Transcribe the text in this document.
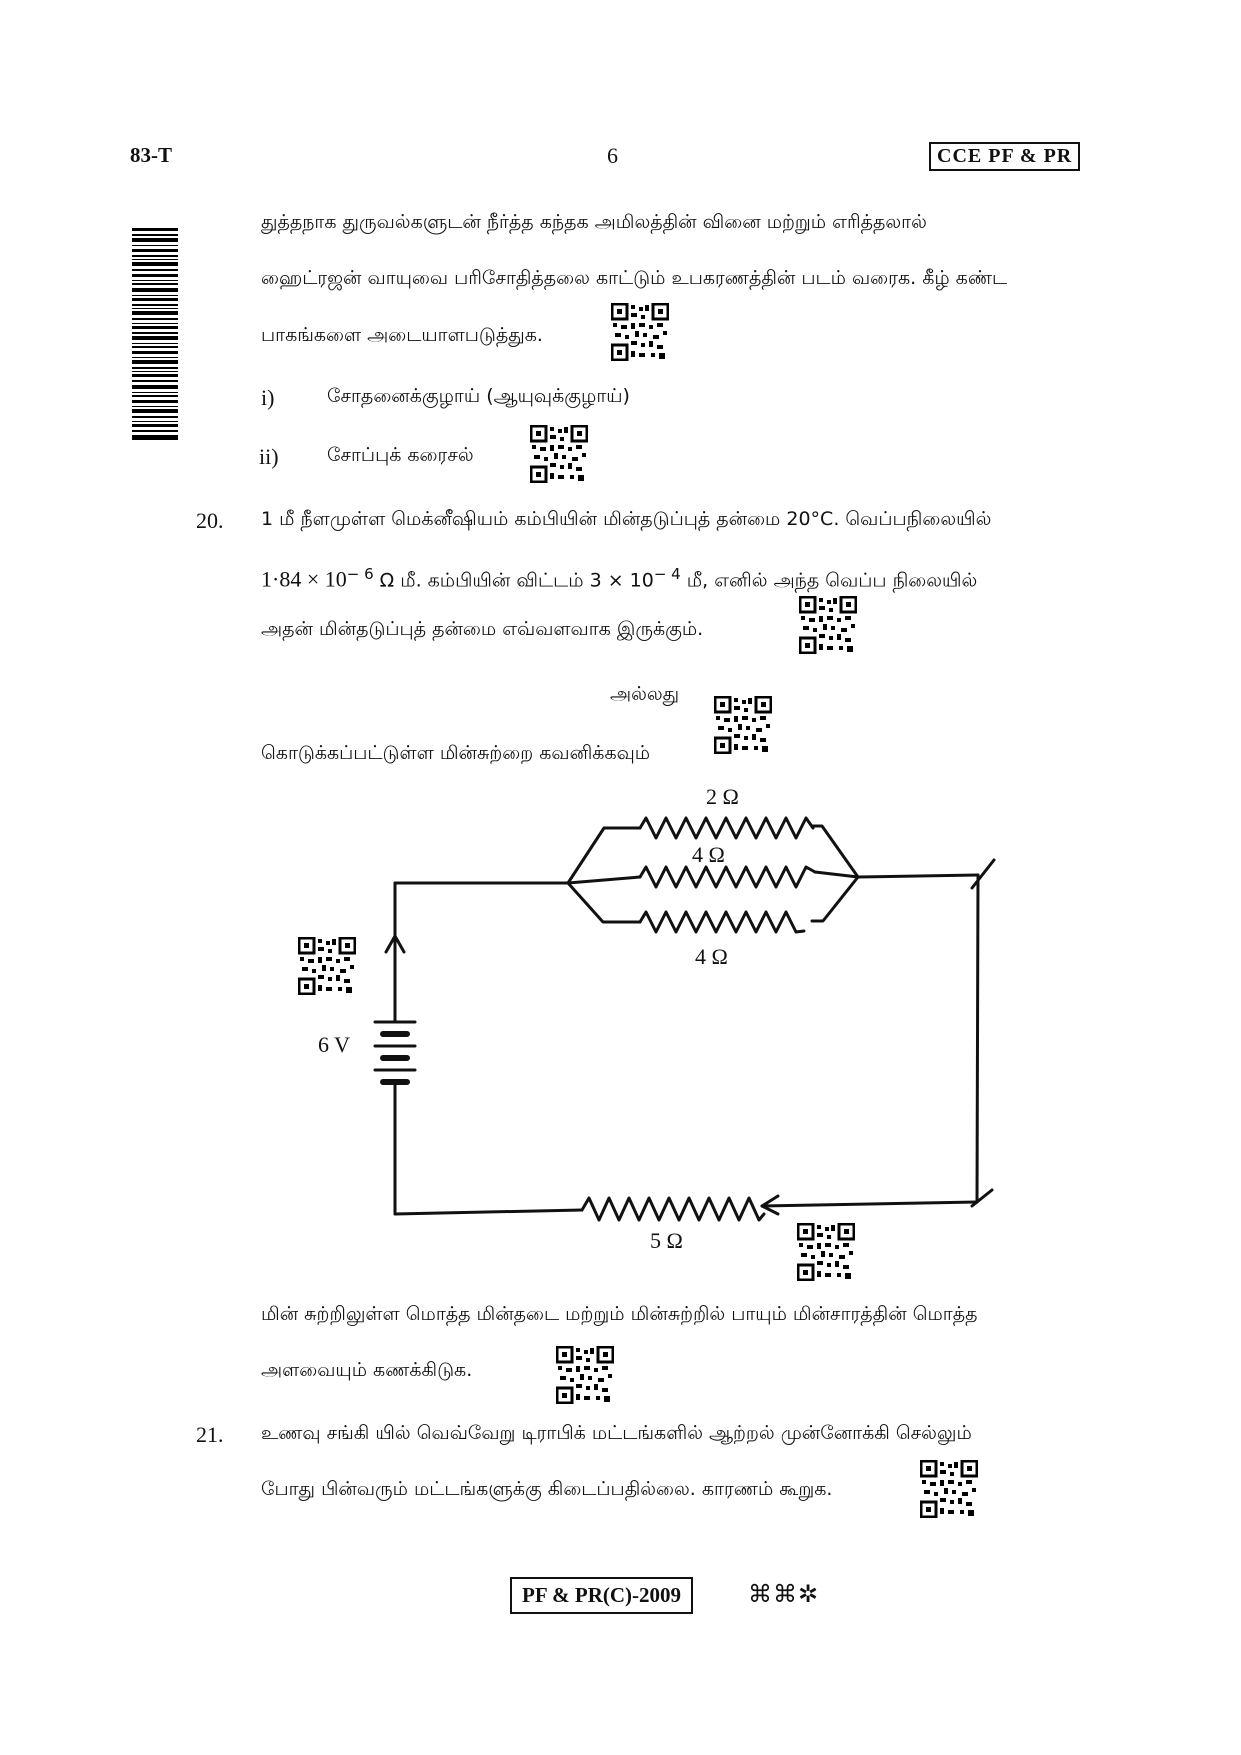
83-T	6	CCE PF & PR
துத்தநாக துருவல்களுடன் நீர்த்த கந்தக அமிலத்தின் வினை மற்றும் எரித்தலால்
ஹைட்ரஜன் வாயுவை பரிசோதித்தலை காட்டும் உபகரணத்தின் படம் வரைக. கீழ் கண்ட
பாகங்களை அடையாளபடுத்துக.
i)	சோதனைக்குழாய் (ஆயுவுக்குழாய்)
ii)	சோப்புக் கரைசல்
20. 1 மீ நீளமுள்ள மெக்னீஷியம் கம்பியின் மின்தடுப்புத் தன்மை 20°C. வெப்பநிலையில்
$1\cdot 84 \times 10^{- 6}$ Ω மீ. கம்பியின் விட்டம் $3 \times 10^{- 4}$ மீ, எனில் அந்த வெப்ப நிலையில்
அதன் மின்தடுப்புத் தன்மை எவ்வளவாக இருக்கும்.
அல்லது
கொடுக்கப்பட்டுள்ள மின்சுற்றை கவனிக்கவும்
2 Ω
4 Ω
4 Ω
6 V
5 Ω
மின் சுற்றிலுள்ள மொத்த மின்தடை மற்றும் மின்சுற்றில் பாயும் மின்சாரத்தின் மொத்த
அளவையும் கணக்கிடுக.
21. உணவு சங்கி யில் வெவ்வேறு டிராபிக் மட்டங்களில் ஆற்றல் முன்னோக்கி செல்லும்
போது பின்வரும் மட்டங்களுக்கு கிடைப்பதில்லை. காரணம் கூறுக.
PF & PR(C)-2009	⌘⌘✲
